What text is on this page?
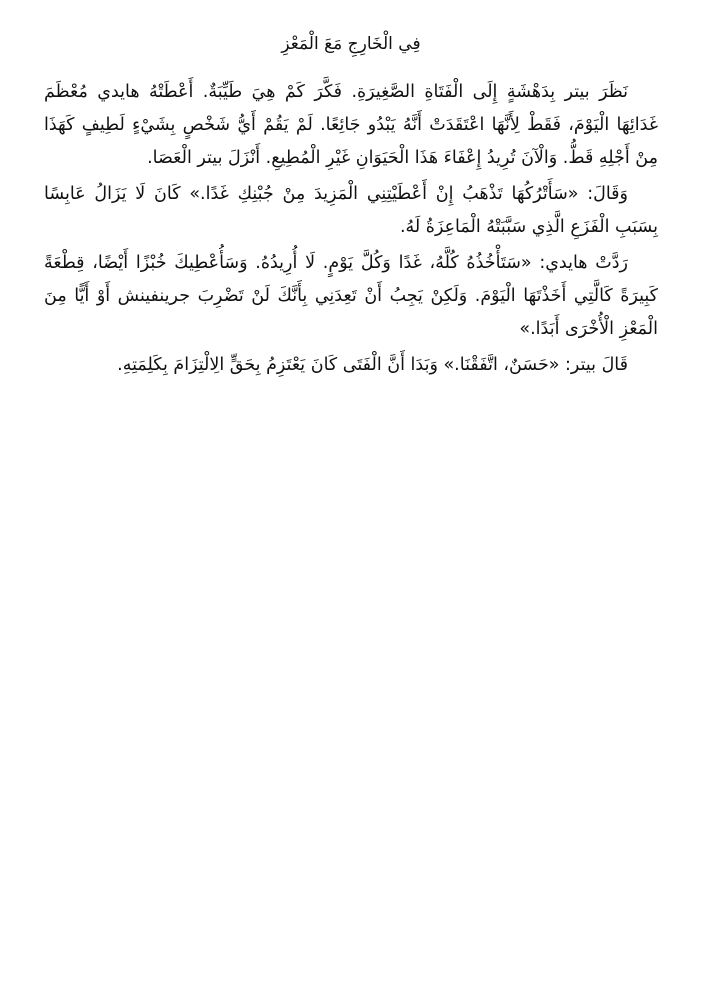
فِي الْخَارِجِ مَعَ الْمَعْزِ

نَظَرَ بيتر بِدَهْشَةٍ إِلَى الْفَتَاةِ الصَّغِيرَةِ. فَكَّرَ كَمْ هِيَ طَيِّبَةٌ. أَعْطَتْهُ هايدي مُعْظَمَ غَدَائِهَا الْيَوْمَ، فَقَطْ لِأَنَّهَا اعْتَقَدَتْ أَنَّهُ يَبْدُو جَائِعًا. لَمْ يَقُمْ أَيُّ شَخْصٍ بِشَيْءٍ لَطِيفٍ كَهَذَا مِنْ أَجْلِهِ قَطُّ. وَالْآنَ تُرِيدُ إِعْفَاءَ هَذَا الْحَيَوَانِ غَيْرِ الْمُطِيعِ. أَنْزَلَ بيتر الْعَصَا.

وَقَالَ: «سَأَتْرُكُهَا تَذْهَبُ إِنْ أَعْطَيْتِنِي الْمَزِيدَ مِنْ جُبْنِكِ غَدًا.» كَانَ لَا يَزَالُ عَابِسًا بِسَبَبِ الْفَزَعِ الَّذِي سَبَّبَتْهُ الْمَاعِزَةُ لَهُ.

رَدَّتْ هايدي: «سَتَأْخُذُهُ كُلَّهُ، غَدًا وَكُلَّ يَوْمٍ. لَا أُرِيدُهُ. وَسَأُعْطِيكَ خُبْزًا أَيْضًا، قِطْعَةً كَبِيرَةً كَالَّتِي أَخَذْتَهَا الْيَوْمَ. وَلَكِنْ يَجِبُ أَنْ تَعِدَنِي بِأَنَّكَ لَنْ تَضْرِبَ جرينفينش أَوْ أَيًّا مِنَ الْمَعْزِ الْأُخْرَى أَبَدًا.»

قَالَ بيتر: «حَسَنٌ، اتَّفَقْنَا.» وَبَدَا أَنَّ الْفَتَى كَانَ يَعْتَزِمُ بِحَقٍّ الِالْتِزَامَ بِكَلِمَتِهِ.
